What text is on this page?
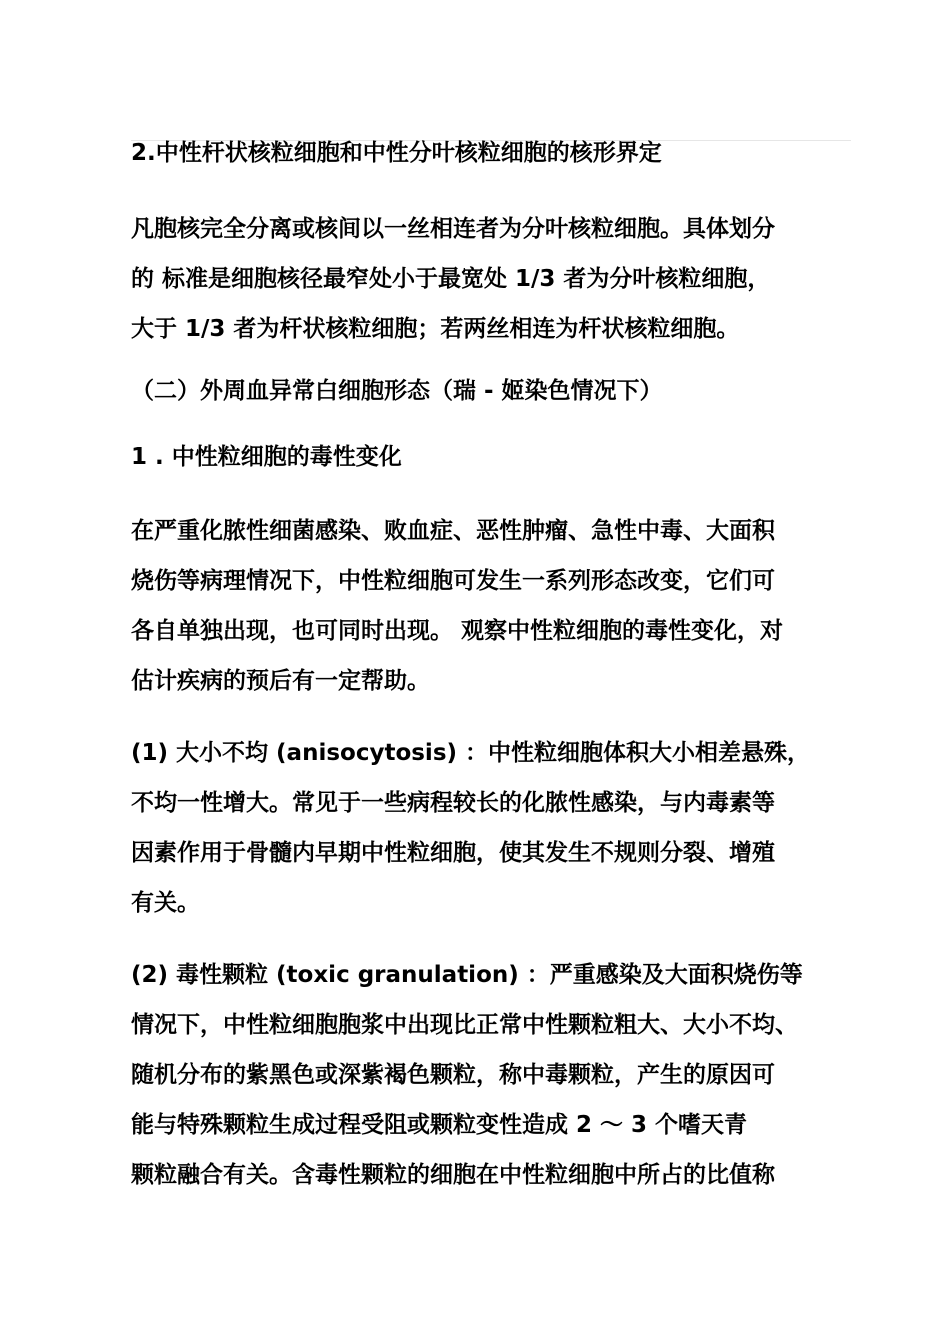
2.中性杆状核粒细胞和中性分叶核粒细胞的核形界定
凡胞核完全分离或核间以一丝相连者为分叶核粒细胞。具体划分
的 标准是细胞核径最窄处小于最宽处 1/3 者为分叶核粒细胞，
大于 1/3 者为杆状核粒细胞；若两丝相连为杆状核粒细胞。
（二）外周血异常白细胞形态（瑞 - 姬染色情况下）
1 . 中性粒细胞的毒性变化
在严重化脓性细菌感染、败血症、恶性肿瘤、急性中毒、大面积
烧伤等病理情况下，中性粒细胞可发生一系列形态改变，它们可
各自单独出现，也可同时出现。 观察中性粒细胞的毒性变化，对
估计疾病的预后有一定帮助。
(1) 大小不均 (anisocytosis) ：中性粒细胞体积大小相差悬殊，
不均一性增大。常见于一些病程较长的化脓性感染，与内毒素等
因素作用于骨髓内早期中性粒细胞，使其发生不规则分裂、增殖
有关。
(2) 毒性颗粒 (toxic granulation) ：严重感染及大面积烧伤等
情况下，中性粒细胞胞浆中出现比正常中性颗粒粗大、大小不均、
随机分布的紫黑色或深紫褐色颗粒，称中毒颗粒，产生的原因可
能与特殊颗粒生成过程受阻或颗粒变性造成 2 ～ 3 个嗜天青
颗粒融合有关。含毒性颗粒的细胞在中性粒细胞中所占的比值称
